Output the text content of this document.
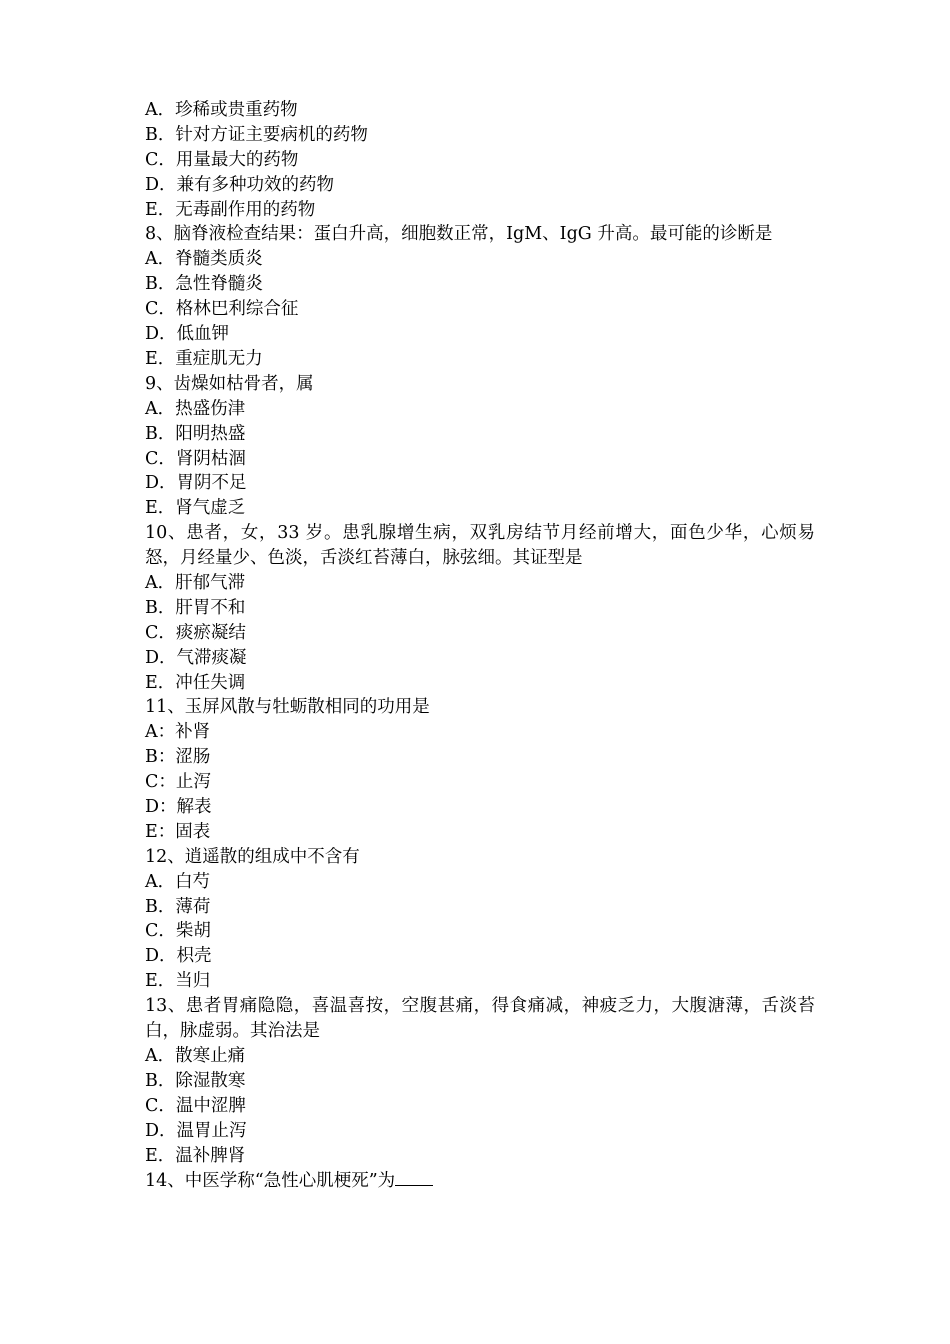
A．珍稀或贵重药物
B．针对方证主要病机的药物
C．用量最大的药物
D．兼有多种功效的药物
E．无毒副作用的药物
8、脑脊液检查结果：蛋白升高，细胞数正常，IgM、IgG 升高。最可能的诊断是
A．脊髓类质炎
B．急性脊髓炎
C．格林巴利综合征
D．低血钾
E．重症肌无力
9、齿燥如枯骨者，属
A．热盛伤津
B．阳明热盛
C．肾阴枯涸
D．胃阴不足
E．肾气虚乏
10、患者，女，33 岁。患乳腺增生病，双乳房结节月经前增大，面色少华，心烦易怒，月经量少、色淡，舌淡红苔薄白，脉弦细。其证型是
A．肝郁气滞
B．肝胃不和
C．痰瘀凝结
D．气滞痰凝
E．冲任失调
11、玉屏风散与牡蛎散相同的功用是
A：补肾
B：涩肠
C：止泻
D：解表
E：固表
12、逍遥散的组成中不含有
A．白芍
B．薄荷
C．柴胡
D．枳壳
E．当归
13、患者胃痛隐隐，喜温喜按，空腹甚痛，得食痛减，神疲乏力，大腹溏薄，舌淡苔白，脉虚弱。其治法是
A．散寒止痛
B．除湿散寒
C．温中涩脾
D．温胃止泻
E．温补脾肾
14、中医学称“急性心肌梗死”为
